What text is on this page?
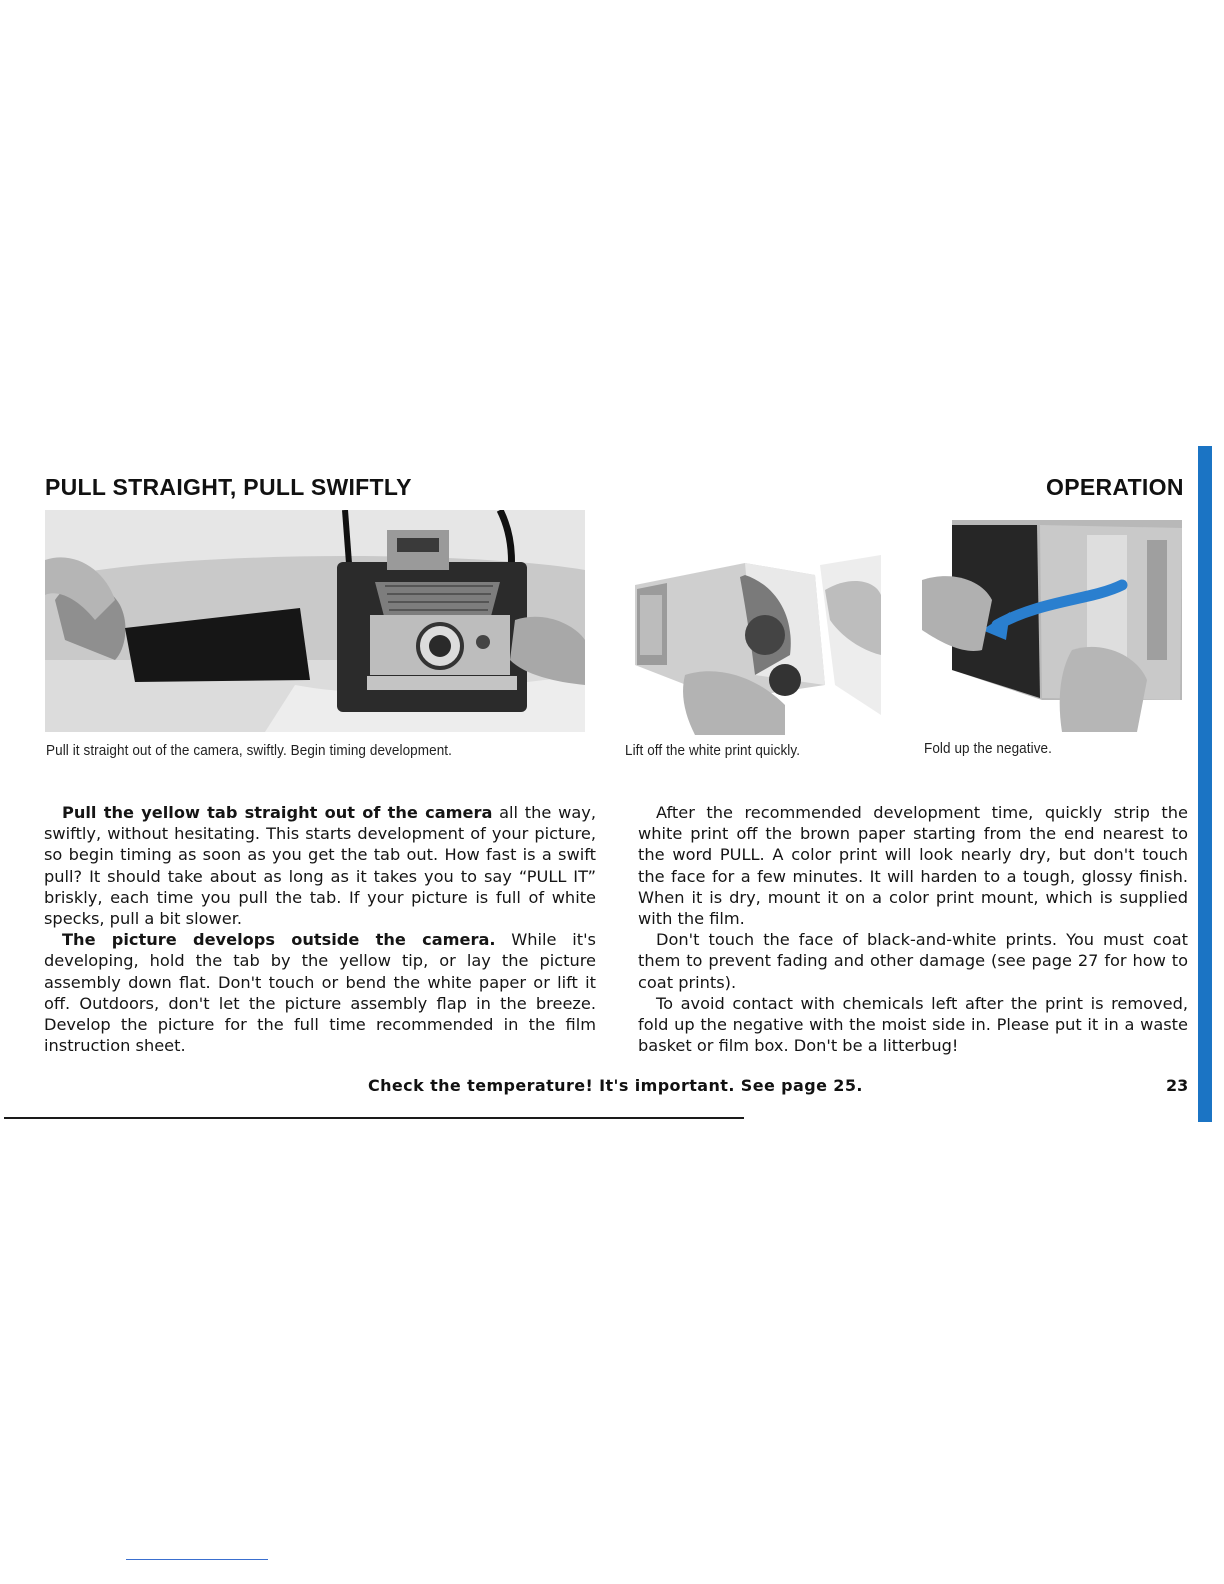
PULL STRAIGHT, PULL SWIFTLY	OPERATION
Pull it straight out of the camera, swiftly. Begin timing development.	Lift off the white print quickly.	Fold up the negative.

Pull the yellow tab straight out of the camera all the way, swiftly, without hesitating. This starts development of your picture, so begin timing as soon as you get the tab out. How fast is a swift pull? It should take about as long as it takes you to say “PULL IT” briskly, each time you pull the tab. If your picture is full of white specks, pull a bit slower.

The picture develops outside the camera. While it's developing, hold the tab by the yellow tip, or lay the picture assembly down flat. Don't touch or bend the white paper or lift it off. Outdoors, don't let the picture assembly flap in the breeze. Develop the picture for the full time recommended in the film instruction sheet.

After the recommended development time, quickly strip the white print off the brown paper starting from the end nearest to the word PULL. A color print will look nearly dry, but don't touch the face for a few minutes. It will harden to a tough, glossy finish. When it is dry, mount it on a color print mount, which is supplied with the film.

Don't touch the face of black-and-white prints. You must coat them to prevent fading and other damage (see page 27 for how to coat prints).

To avoid contact with chemicals left after the print is removed, fold up the negative with the moist side in. Please put it in a waste basket or film box. Don't be a litterbug!

Check the temperature! It's important. See page 25.	23
